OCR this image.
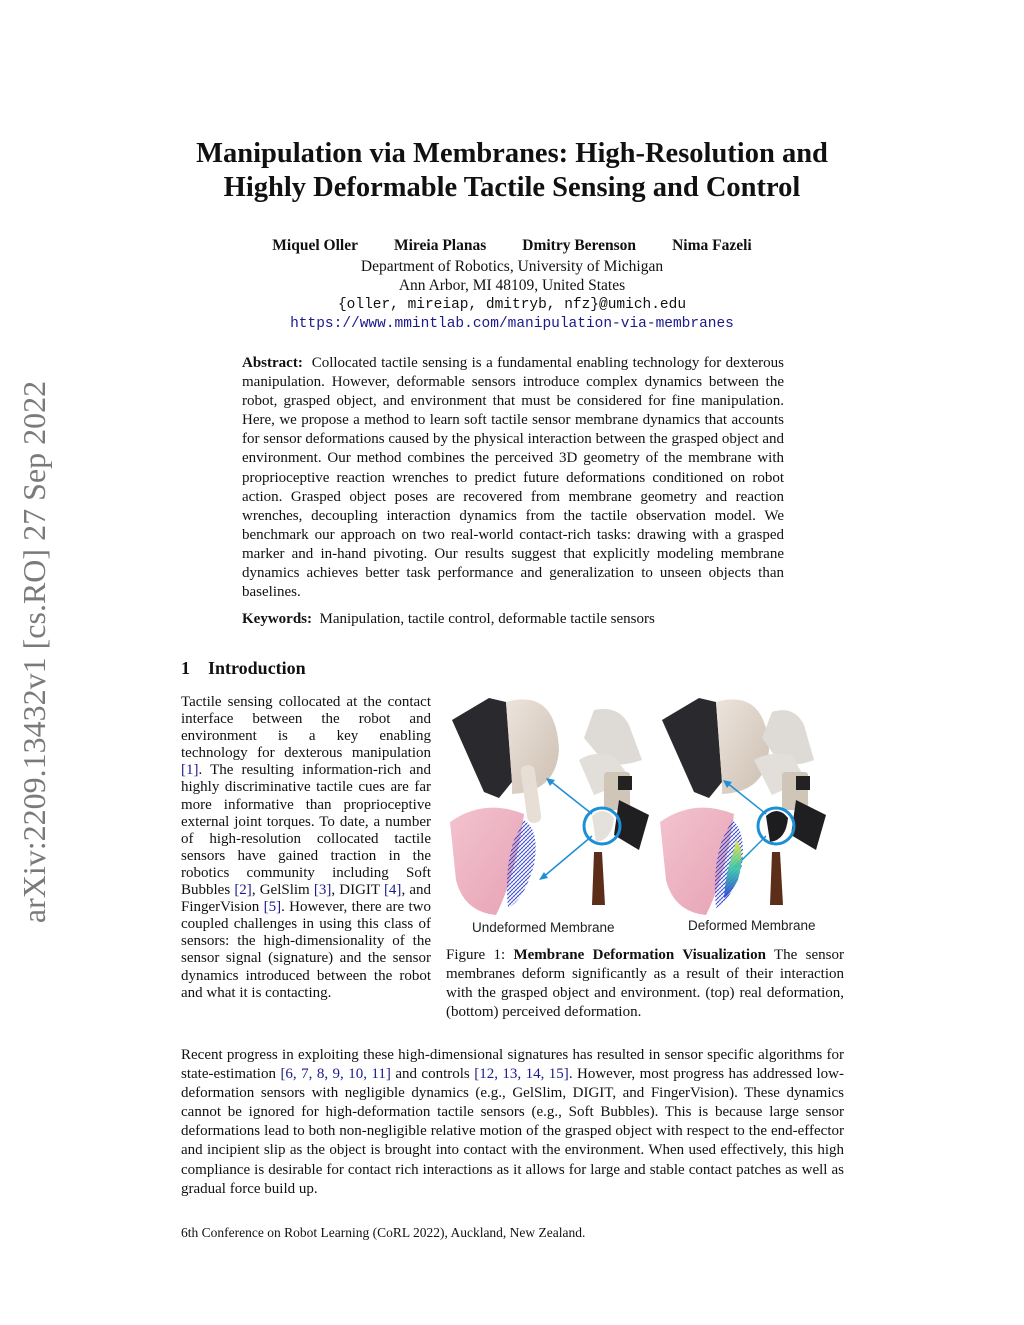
arXiv:2209.13432v1 [cs.RO] 27 Sep 2022
Manipulation via Membranes: High-Resolution and
Highly Deformable Tactile Sensing and Control
Miquel Oller Mireia Planas Dmitry Berenson Nima Fazeli
Department of Robotics, University of Michigan
Ann Arbor, MI 48109, United States
{oller, mireiap, dmitryb, nfz}@umich.edu
https://www.mmintlab.com/manipulation-via-membranes
Abstract: Collocated tactile sensing is a fundamental enabling technology for dexterous manipulation. However, deformable sensors introduce complex dynamics between the robot, grasped object, and environment that must be considered for fine manipulation. Here, we propose a method to learn soft tactile sensor membrane dynamics that accounts for sensor deformations caused by the physical interaction between the grasped object and environment. Our method combines the perceived 3D geometry of the membrane with proprioceptive reaction wrenches to predict future deformations conditioned on robot action. Grasped object poses are recovered from membrane geometry and reaction wrenches, decoupling interaction dynamics from the tactile observation model. We benchmark our approach on two real-world contact-rich tasks: drawing with a grasped marker and in-hand pivoting. Our results suggest that explicitly modeling membrane dynamics achieves better task performance and generalization to unseen objects than baselines.
Keywords: Manipulation, tactile control, deformable tactile sensors
1 Introduction
Tactile sensing collocated at the contact interface between the robot and environment is a key enabling technology for dexterous manipulation [1]. The resulting information-rich and highly discriminative tactile cues are far more informative than proprioceptive external joint torques. To date, a number of high-resolution collocated tactile sensors have gained traction in the robotics community including Soft Bubbles [2], GelSlim [3], DIGIT [4], and FingerVision [5]. However, there are two coupled challenges in using this class of sensors: the high-dimensionality of the sensor signal (signature) and the sensor dynamics introduced between the robot and what it is contacting.
Undeformed Membrane	Deformed Membrane
Figure 1: Membrane Deformation Visualization The sensor membranes deform significantly as a result of their interaction with the grasped object and environment. (top) real deformation, (bottom) perceived deformation.
Recent progress in exploiting these high-dimensional signatures has resulted in sensor specific algorithms for state-estimation [6, 7, 8, 9, 10, 11] and controls [12, 13, 14, 15]. However, most progress has addressed low-deformation sensors with negligible dynamics (e.g., GelSlim, DIGIT, and FingerVision). These dynamics cannot be ignored for high-deformation tactile sensors (e.g., Soft Bubbles). This is because large sensor deformations lead to both non-negligible relative motion of the grasped object with respect to the end-effector and incipient slip as the object is brought into contact with the environment. When used effectively, this high compliance is desirable for contact rich interactions as it allows for large and stable contact patches as well as gradual force build up.
6th Conference on Robot Learning (CoRL 2022), Auckland, New Zealand.
